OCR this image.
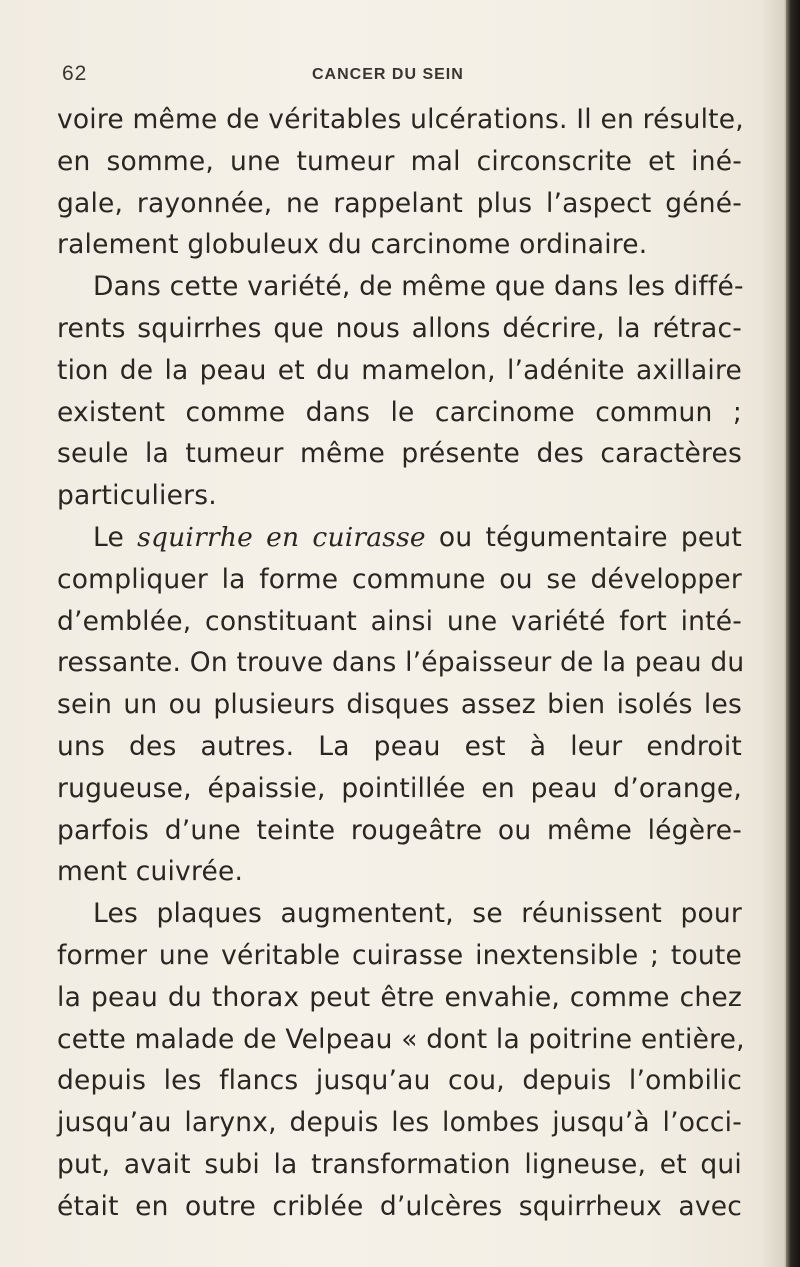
62	CANCER DU SEIN
voire même de véritables ulcérations. Il en résulte,
en somme, une tumeur mal circonscrite et iné-
gale, rayonnée, ne rappelant plus l’aspect géné-
ralement globuleux du carcinome ordinaire.
Dans cette variété, de même que dans les diffé-
rents squirrhes que nous allons décrire, la rétrac-
tion de la peau et du mamelon, l’adénite axillaire
existent comme dans le carcinome commun ;
seule la tumeur même présente des caractères
particuliers.
Le squirrhe en cuirasse ou tégumentaire peut
compliquer la forme commune ou se développer
d’emblée, constituant ainsi une variété fort inté-
ressante. On trouve dans l’épaisseur de la peau du
sein un ou plusieurs disques assez bien isolés les
uns des autres. La peau est à leur endroit
rugueuse, épaissie, pointillée en peau d’orange,
parfois d’une teinte rougeâtre ou même légère-
ment cuivrée.
Les plaques augmentent, se réunissent pour
former une véritable cuirasse inextensible ; toute
la peau du thorax peut être envahie, comme chez
cette malade de Velpeau « dont la poitrine entière,
depuis les flancs jusqu’au cou, depuis l’ombilic
jusqu’au larynx, depuis les lombes jusqu’à l’occi-
put, avait subi la transformation ligneuse, et qui
était en outre criblée d’ulcères squirrheux avec
